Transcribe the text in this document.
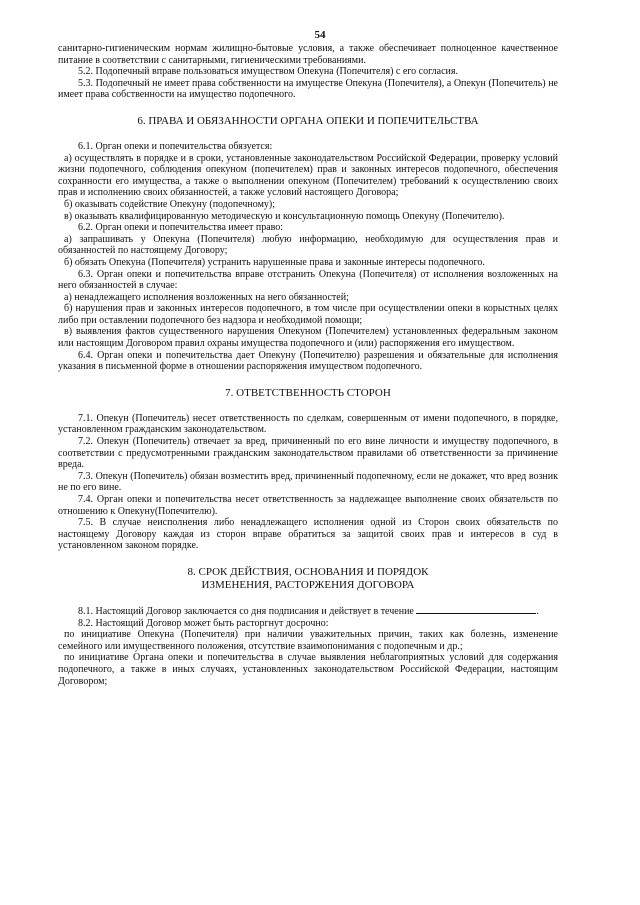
54

санитарно-гигиеническим нормам жилищно-бытовые условия, а также обеспечивает полноценное качественное питание в соответствии с санитарными, гигиеническими требованиями.

5.2. Подопечный вправе пользоваться имуществом Опекуна (Попечителя) с его согласия.

5.3. Подопечный не имеет права собственности на имуществе Опекуна (Попечителя), а Опекун (Попечитель) не имеет права собственности на имущество подопечного.

6. ПРАВА И ОБЯЗАННОСТИ ОРГАНА ОПЕКИ И ПОПЕЧИТЕЛЬСТВА

6.1. Орган опеки и попечительства обязуется:

а) осуществлять в порядке и в сроки, установленные законодательством Российской Федерации, проверку условий жизни подопечного, соблюдения опекуном (попечителем) прав и законных интересов подопечного, обеспечения сохранности его имущества, а также о выполнении опекуном (Попечителем) требований к осуществлению своих прав и исполнению своих обязанностей, а также условий настоящего Договора;

б) оказывать содействие Опекуну (подопечному);

в) оказывать квалифицированную методическую и консультационную помощь Опекуну (Попечителю).

6.2. Орган опеки и попечительства имеет право:

а) запрашивать у Опекуна (Попечителя) любую информацию, необходимую для осуществления прав и обязанностей по настоящему Договору;

б) обязать Опекуна (Попечителя) устранить нарушенные права и законные интересы подопечного.

6.3. Орган опеки и попечительства вправе отстранить Опекуна (Попечителя) от исполнения возложенных на него обязанностей в случае:

а) ненадлежащего исполнения возложенных на него обязанностей;

б) нарушения прав и законных интересов подопечного, в том числе при осуществлении опеки в корыстных целях либо при оставлении подопечного без надзора и необходимой помощи;

в) выявления фактов существенного нарушения Опекуном (Попечителем) установленных федеральным законом или настоящим Договором правил охраны имущества подопечного и (или) распоряжения его имуществом.

6.4. Орган опеки и попечительства дает Опекуну (Попечителю) разрешения и обязательные для исполнения указания в письменной форме в отношении распоряжения имуществом подопечного.

7. ОТВЕТСТВЕННОСТЬ СТОРОН

7.1. Опекун (Попечитель) несет ответственность по сделкам, совершенным от имени подопечного, в порядке, установленном гражданским законодательством.

7.2. Опекун (Попечитель) отвечает за вред, причиненный по его вине личности и имуществу подопечного, в соответствии с предусмотренными гражданским законодательством правилами об ответственности за причинение вреда.

7.3. Опекун (Попечитель) обязан возместить вред, причиненный подопечному, если не докажет, что вред возник не по его вине.

7.4. Орган опеки и попечительства несет ответственность за надлежащее выполнение своих обязательств по отношению к Опекуну(Попечителю).

7.5. В случае неисполнения либо ненадлежащего исполнения одной из Сторон своих обязательств по настоящему Договору каждая из сторон вправе обратиться за защитой своих прав и интересов в суд в установленном законом порядке.

8. СРОК ДЕЙСТВИЯ, ОСНОВАНИЯ И ПОРЯДОК
ИЗМЕНЕНИЯ, РАСТОРЖЕНИЯ ДОГОВОРА

8.1. Настоящий Договор заключается со дня подписания и действует в течение	.

8.2. Настоящий Договор может быть расторгнут досрочно:

по инициативе Опекуна (Попечителя) при наличии уважительных причин, таких как болезнь, изменение семейного или имущественного положения, отсутствие взаимопонимания с подопечным и др.;

по инициативе Органа опеки и попечительства в случае выявления неблагоприятных условий для содержания подопечного, а также в иных случаях, установленных законодательством Российской Федерации, настоящим Договором;
